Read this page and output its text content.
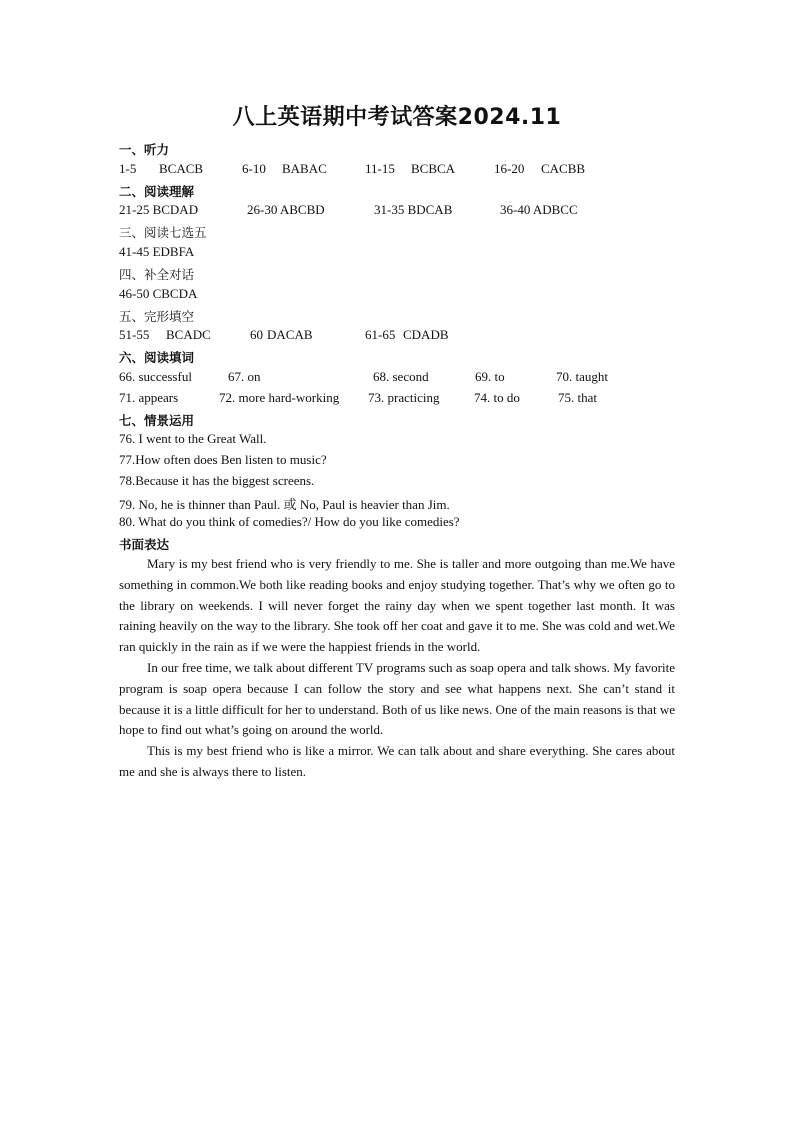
八上英语期中考试答案2024.11
一、听力
1-5 BCACB	6-10 BABAC	11-15 BCBCA	16-20 CACBB
二、阅读理解
21-25 BCDAD	26-30 ABCBD	31-35 BDCAB	36-40 ADBCC
三、阅读七选五
41-45 EDBFA
四、补全对话
46-50 CBCDA
五、完形填空
51-55 BCADC	60 DACAB	61-65 CDADB
六、阅读填词
66. successful	67. on	68. second	69. to	70. taught
71. appears	72. more hard-working 73. practicing	74. to do	75. that
七、情景运用
76. I went to the Great Wall.
77.How often does Ben listen to music?
78.Because it has the biggest screens.
79. No, he is thinner than Paul. 或 No, Paul is heavier than Jim.
80. What do you think of comedies?/ How do you like comedies?
书面表达

Mary is my best friend who is very friendly to me. She is taller and more outgoing than me.We have something in common.We both like reading books and enjoy studying together. That’s why we often go to the library on weekends. I will never forget the rainy day when we spent together last month. It was raining heavily on the way to the library. She took off her coat and gave it to me. She was cold and wet.We ran quickly in the rain as if we were the happiest friends in the world.

In our free time, we talk about different TV programs such as soap opera and talk shows. My favorite program is soap opera because I can follow the story and see what happens next. She can’t stand it because it is a little difficult for her to understand. Both of us like news. One of the main reasons is that we hope to find out what’s going on around the world.

This is my best friend who is like a mirror. We can talk about and share everything. She cares about me and she is always there to listen.
